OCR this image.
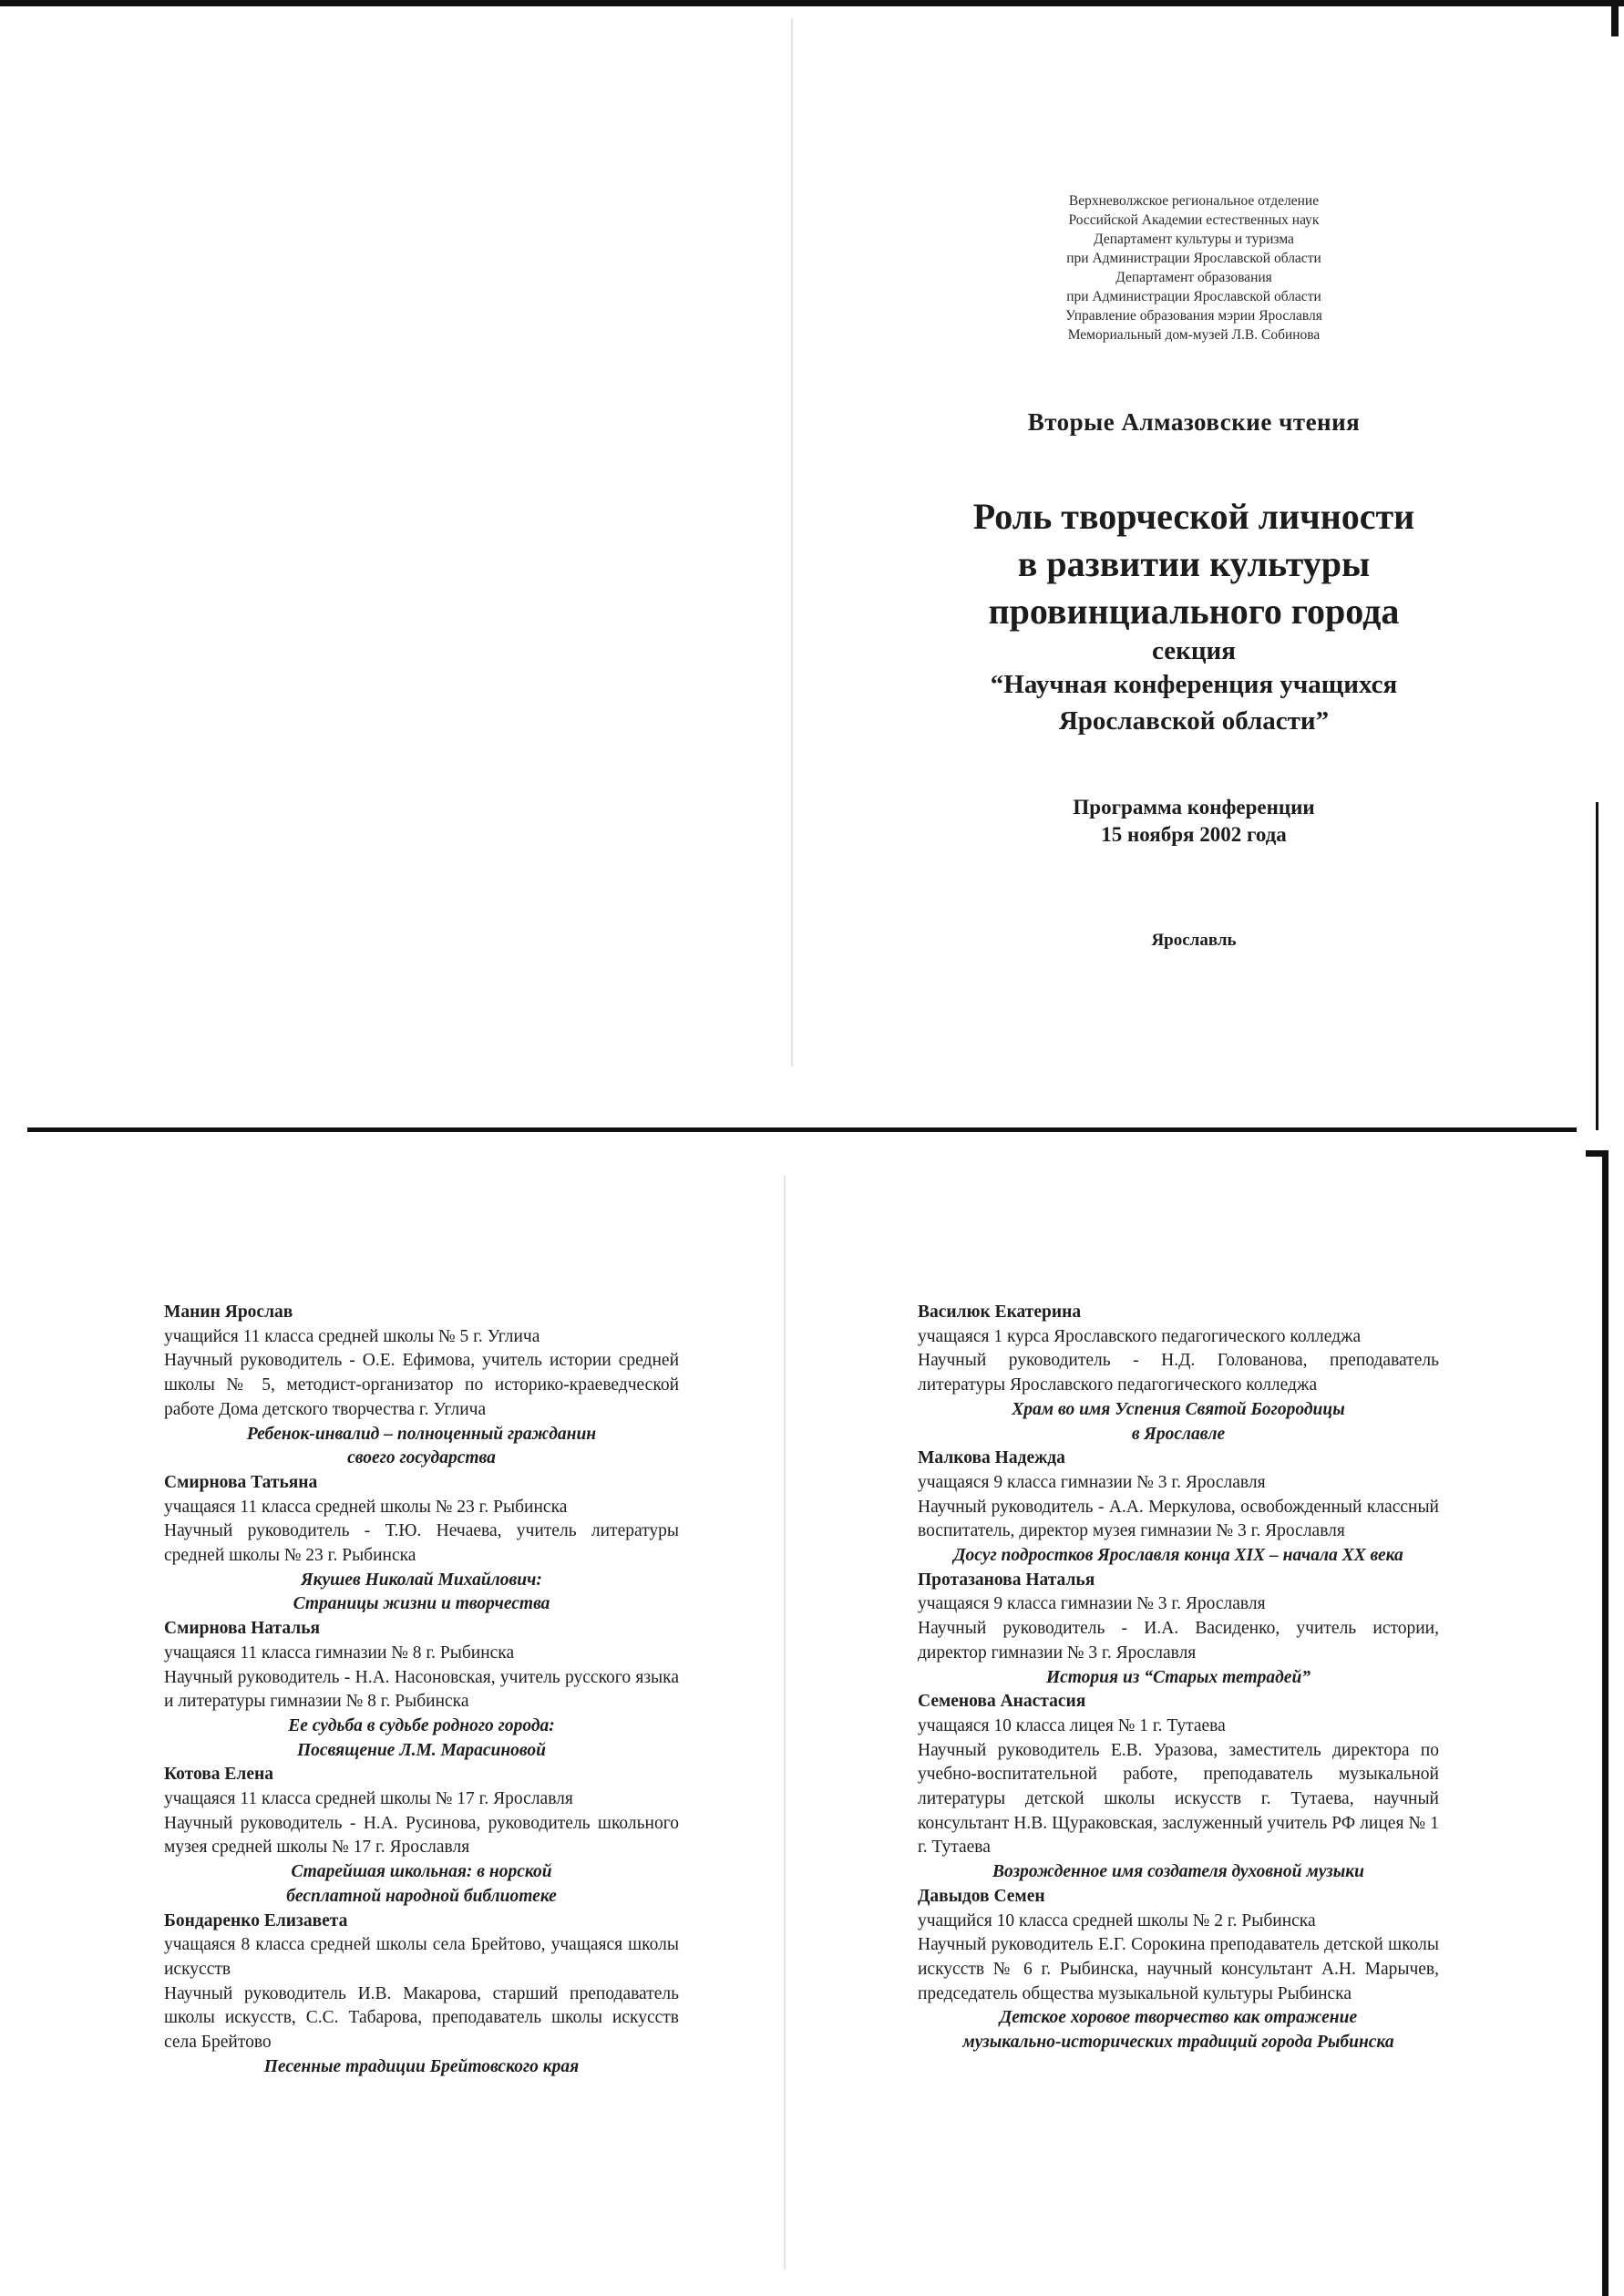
Верхневолжское региональное отделение
Российской Академии естественных наук
Департамент культуры и туризма
при Администрации Ярославской области
Департамент образования
при Администрации Ярославской области
Управление образования мэрии Ярославля
Мемориальный дом-музей Л.В. Собинова
Вторые Алмазовские чтения
Роль творческой личности
в развитии культуры
провинциального города
секция
“Научная конференция учащихся
Ярославской области”
Программа конференции
15 ноября 2002 года
Ярославль
Манин Ярослав
учащийся 11 класса средней школы № 5 г. Углича
Научный руководитель - О.Е. Ефимова, учитель истории средней школы № 5, методист-организатор по историко-краеведческой работе Дома детского творчества г. Углича
Ребенок-инвалид – полноценный гражданин
своего государства
Смирнова Татьяна
учащаяся 11 класса средней школы № 23 г. Рыбинска
Научный руководитель - Т.Ю. Нечаева, учитель литературы средней школы № 23 г. Рыбинска
Якушев Николай Михайлович:
Страницы жизни и творчества
Смирнова Наталья
учащаяся 11 класса гимназии № 8 г. Рыбинска
Научный руководитель - Н.А. Насоновская, учитель русского языка и литературы гимназии № 8 г. Рыбинска
Ее судьба в судьбе родного города:
Посвящение Л.М. Марасиновой
Котова Елена
учащаяся 11 класса средней школы № 17 г. Ярославля
Научный руководитель - Н.А. Русинова, руководитель школьного музея средней школы № 17 г. Ярославля
Старейшая школьная: в норской
бесплатной народной библиотеке
Бондаренко Елизавета
учащаяся 8 класса средней школы села Брейтово, учащаяся школы искусств
Научный руководитель И.В. Макарова, старший преподаватель школы искусств, С.С. Табарова, преподаватель школы искусств села Брейтово
Песенные традиции Брейтовского края
Василюк Екатерина
учащаяся 1 курса Ярославского педагогического колледжа
Научный руководитель - Н.Д. Голованова, преподаватель литературы Ярославского педагогического колледжа
Храм во имя Успения Святой Богородицы
в Ярославле
Малкова Надежда
учащаяся 9 класса гимназии № 3 г. Ярославля
Научный руководитель - А.А. Меркулова, освобожденный классный воспитатель, директор музея гимназии № 3 г. Ярославля
Досуг подростков Ярославля конца XIX – начала XX века
Протазанова Наталья
учащаяся 9 класса гимназии № 3 г. Ярославля
Научный руководитель - И.А. Васиденко, учитель истории, директор гимназии № 3 г. Ярославля
История из “Старых тетрадей”
Семенова Анастасия
учащаяся 10 класса лицея № 1 г. Тутаева
Научный руководитель Е.В. Уразова, заместитель директора по учебно-воспитательной работе, преподаватель музыкальной литературы детской школы искусств г. Тутаева, научный консультант Н.В. Щураковская, заслуженный учитель РФ лицея № 1 г. Тутаева
Возрожденное имя создателя духовной музыки
Давыдов Семен
учащийся 10 класса средней школы № 2 г. Рыбинска
Научный руководитель Е.Г. Сорокина преподаватель детской школы искусств № 6 г. Рыбинска, научный консультант А.Н. Марычев, председатель общества музыкальной культуры Рыбинска
Детское хоровое творчество как отражение
музыкально-исторических традиций города Рыбинска
